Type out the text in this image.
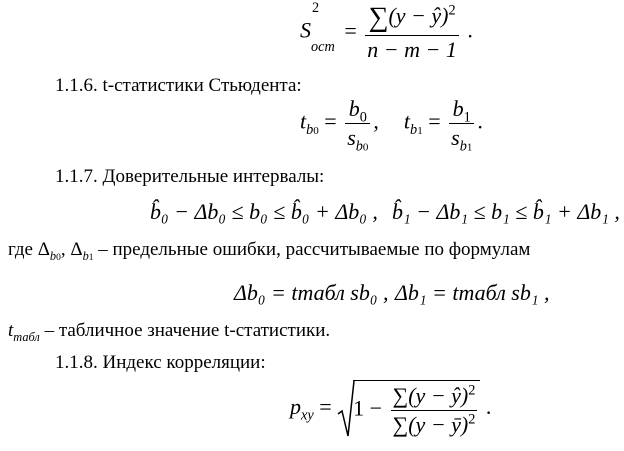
S
2
$_{ост} = \frac{\sum(y - ŷ)^2}{n - m - 1}$ .
1.1.6. t-статистики Стьюдента:
$t_{b0} = \frac{b_0}{s_{b0}}$ , $t_{b1} = \frac{b_1}{s_{b1}}$ .
1.1.7. Доверительные интервалы:
b̂₀ − Δb₀ ≤ b₀ ≤ b̂₀ + Δb₀ , b̂₁ − Δb₁ ≤ b₁ ≤ b̂₁ + Δb₁ ,
где $\Delta_{b0}$, $\Delta_{b1}$ – предельные ошибки, рассчитываемые по формулам
Δb₀ = tтабл sb₀ , Δb₁ = tтабл sb₁ ,
$t_{табл}$ – табличное значение t-статистики.
1.1.8. Индекс корреляции:
$p_{xy} = 1 - \frac{\sum(y - ŷ)^2}{\sum(y - ȳ)^2}$ .
